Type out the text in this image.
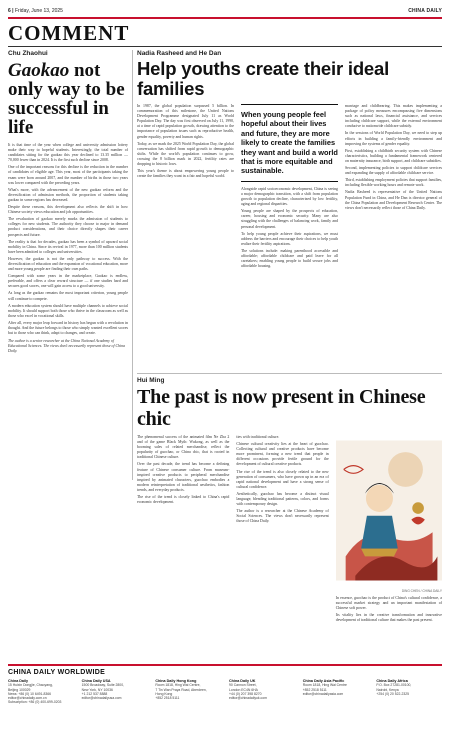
6 | Friday, June 13, 2025	CHINA DAILY
COMMENT
Chu Zhaohui
Gaokao not only way to be successful in life

It is that time of the year when college and university admission lottery make their way to hopeful students. Interestingly, the total number of candidates sitting for the gaokao this year declined to 13.35 million — 70,000 fewer than in 2024. It is the first such decline since 2008.

One of the important reasons for this decline is the reduction in the number of candidates of eligible age. This year, most of the participants taking the exam were born around 2007, and the number of births in those two years was lower compared with the preceding years.

What's more, with the advancement of the new gaokao reform and the diversification of admission methods, the proportion of students taking gaokao in some regions has decreased.

Despite these reasons, this development also reflects the shift in how Chinese society views education and job opportunities.

The revaluation of gaokao merely marks the admission of students to colleges for new students. The authority they choose to major in demand product considerations, and their choice directly shapes their career prospects and future.

The reality is that for decades, gaokao has been a symbol of upward social mobility in China. Since its revival in 1977, more than 100 million students have been admitted to colleges and universities.

However, the gaokao is not the only pathway to success. With the diversification of education and the expansion of vocational education, more and more young people are finding their own paths.

Compared with some years in the marketplace, Gaokao is endless, preferable, and offers a clear reward structure — if one studies hard and secures good scores, one will gain access to a good university.

As long as the gaokao remains the most important criterion, young people will continue to compete.

A modern education system should have multiple channels to achieve social mobility. It should support both those who thrive in the classroom as well as those who excel in vocational skills.

After all, every major leap forward in history has begun with a revolution in thought. And the future belongs to those who simply wanted excellent scores but to those who can think, adapt to changes, and create.

The author is a senior researcher at the China National Academy of Educational Sciences. The views don't necessarily represent those of China Daily.
Nadia Rasheed and He Dan
Help youths create their ideal families

In 1987, the global population surpassed 5 billion. In commemoration of this milestone, the United Nations Development Programme designated July 11 as World Population Day. The day was first observed on July 11, 1990, at a time of rapid population growth, drawing attention to the importance of population issues such as reproductive health, gender equality, poverty and human rights.

Today, as we mark the 2025 World Population Day, the global conversation has shifted from rapid growth to demographic shifts. While the world's population continues to grow, crossing the 8 billion mark in 2022, fertility rates are dropping to historic lows.

This year's theme is about empowering young people to create the families they want in a fair and hopeful world.

When young people feel hopeful about their lives and future, they are more likely to create the families they want and build a world that is more equitable and sustainable.

Alongside rapid socioeconomic development, China is seeing a major demographic transition, with a shift from population growth to population decline, characterized by low fertility, aging and regional disparities.

Young people are shaped by the prospects of education, career, housing and economic security. Many are also struggling with the challenges of balancing work, family and personal development.

To help young people achieve their aspirations, we must address the barriers and encourage their choices to help youth realize their fertility aspirations.

The solutions include: making parenthood accessible and affordable; affordable childcare and paid leave for all caretakers; enabling young people to build secure jobs and affordable housing.

marriage and childbearing. This makes implementing a package of policy measures encompassing five dimensions such as national laws, financial assistance, and services including childcare support, while the external environment conducive to nationwide childcare subsidy.

In the sessions of World Population Day, we need to step up efforts in building a family-friendly environment and improving the systems of gender equality.

First, establishing a childbirth security system with Chinese characteristics, building a fundamental framework centered on maternity insurance, birth support, and childcare subsidies.

Second, implementing policies to support childcare services and expanding the supply of affordable childcare service.

Third, establishing employment policies that support families, including flexible working hours and remote work.

Nadia Rasheed is representative of the United Nations Population Fund in China, and He Dan is director general of the China Population and Development Research Center. The views don't necessarily reflect those of China Daily.

Hui Ming
The past is now present in Chinese chic

The phenomenal success of the animated film Ne Zha 2 and of the game Black Myth: Wukong, as well as the booming sales of related merchandise, reflect the popularity of guochao, or China chic, that is rooted in traditional Chinese culture.

Over the past decade, the trend has become a defining feature of Chinese consumer culture. From museum-inspired creative products to peripheral merchandise inspired by animated characters, guochao embodies a modern reinterpretation of traditional aesthetics, fashion trends, and everyday products.

The rise of the trend is closely linked to China's rapid economic development.

ties with traditional culture.

Chinese cultural creativity lies at the heart of guochao. Collecting cultural and creative products have become more prominent, forming a new trend that people in different occasions provide fertile ground for the development of cultural creative products.

The rise of the trend is also closely related to the new generation of consumers, who have grown up in an era of rapid national development and have a strong sense of cultural confidence.

Aesthetically, guochao has become a distinct visual language, blending traditional patterns, colors, and forms with contemporary design.

The author is a researcher at the Chinese Academy of Social Sciences. The views don't necessarily represent those of China Daily.

DING CHEN / CHINA DAILY

In essence, guochao is the product of China's cultural confidence, a successful market strategy and an important manifestation of Chinese soft power.

Its vitality lies in the creative transformation and innovative development of traditional culture that makes the past present.

CHINA DAILY WORLDWIDE
China Daily
15 Huixin Dongjie, Chaoyang,
Beijing 100029
News: +86 (0) 10 6491-8366
editor@chinadaily.com.cn
Subscription: +86 (0) 400-699-0203
China Daily USA
1500 Broadway, Suite 2800,
New York, NY 10036
+1 212 537 8888
editor@chinadailyusa.com
China Daily Hong Kong
Room 1818, Hing Wai Centre,
7 Tin Wan Praya Road, Aberdeen,
Hong Kong
+852 2518 5111
China Daily UK
90 Cannon Street,
London EC4N 6HA
+44 (0) 207 398 8270
editor@chinadailyuk.com
China Daily Asia Pacific
Room 1818, Hing Wai Centre
+852 2518 5111
editor@chinadailyasia.com
China Daily Africa
P.O. Box 27281-00100,
Nairobi, Kenya
+254 (0) 20 522-2325
